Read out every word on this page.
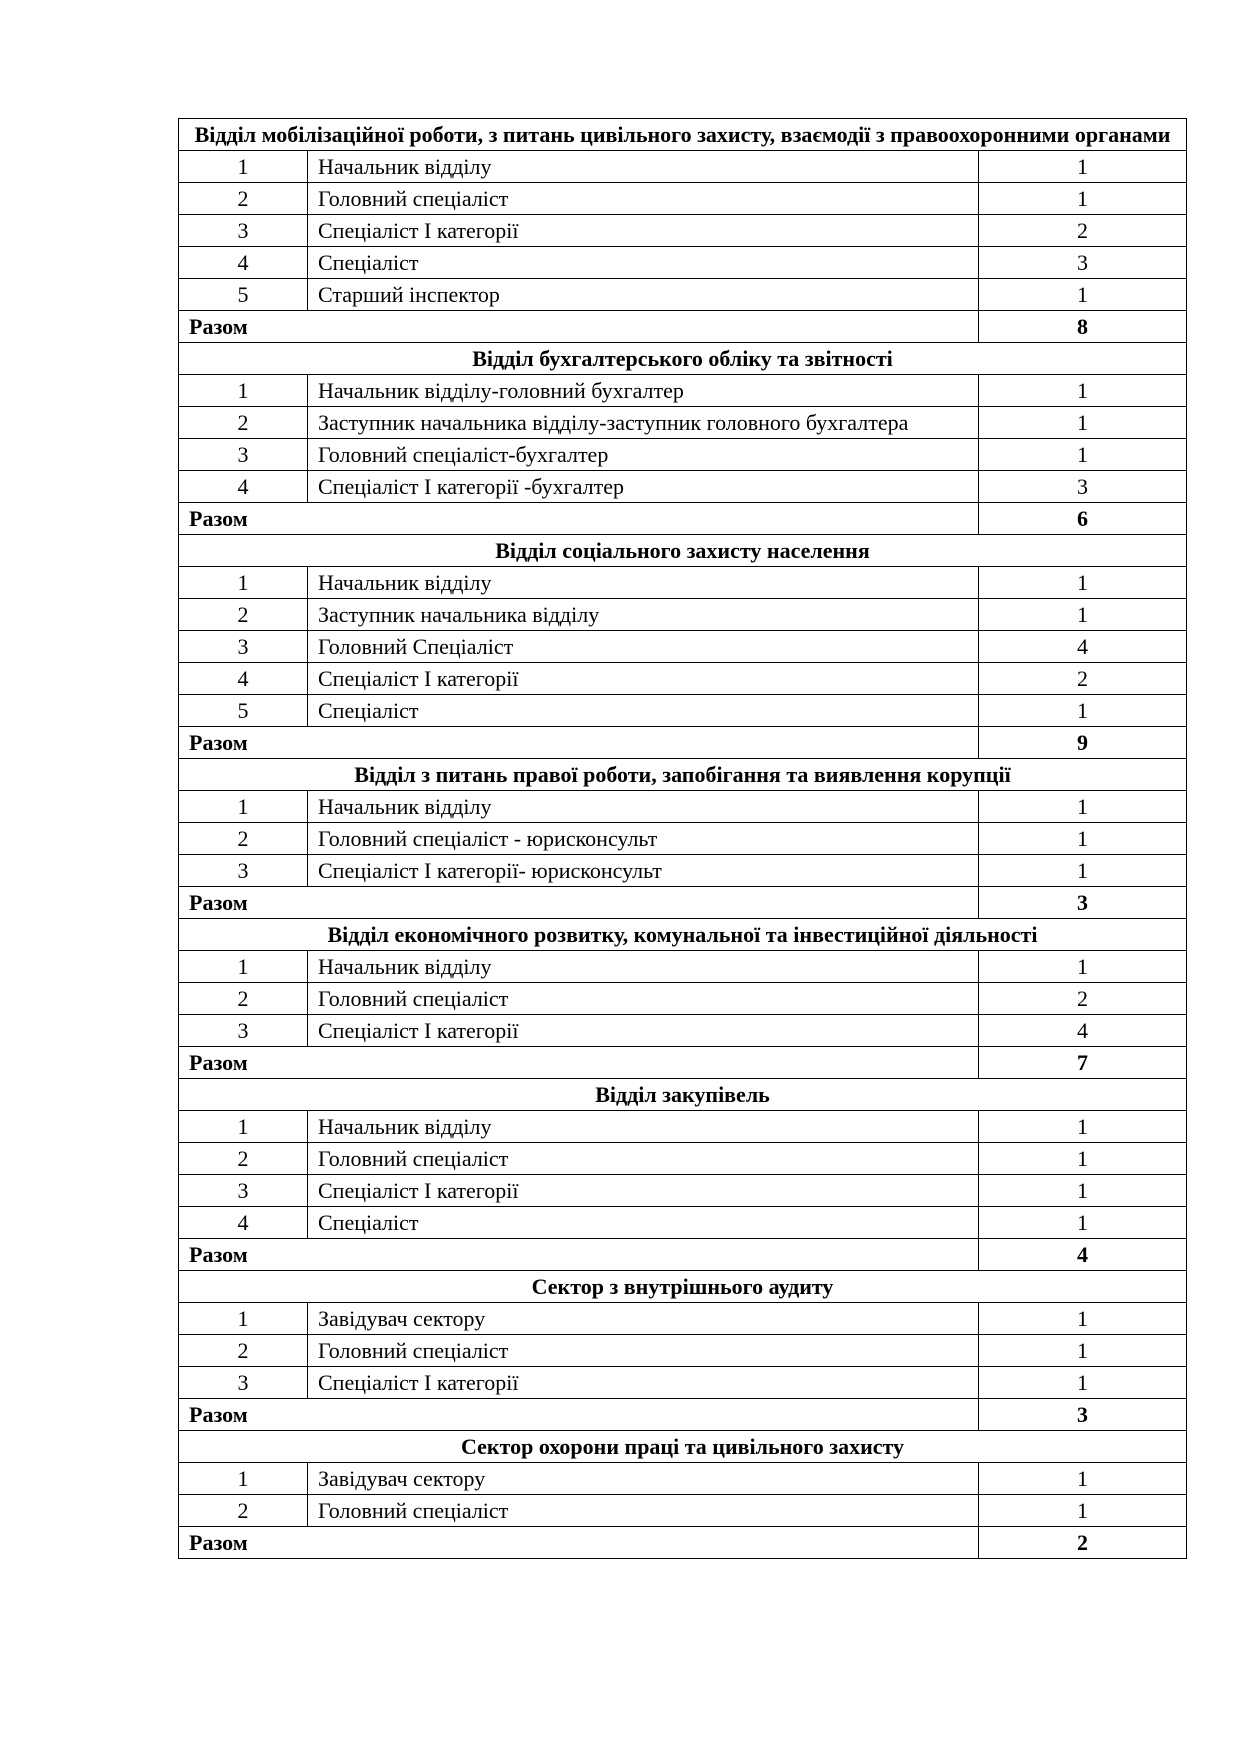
Відділ мобілізаційної роботи, з питань цивільного захисту, взаємодії з правоохоронними органами		
1	Начальник відділу	1
2	Головний спеціаліст	1
3	Спеціаліст І категорії	2
4	Спеціаліст	3
5	Старший інспектор	1
Разом		8
Відділ бухгалтерського обліку та звітності		
1	Начальник відділу-головний бухгалтер	1
2	Заступник начальника відділу-заступник головного бухгалтера	1
3	Головний спеціаліст-бухгалтер	1
4	Спеціаліст І категорії -бухгалтер	3
Разом		6
Відділ соціального захисту населення		
1	Начальник відділу	1
2	Заступник начальника відділу	1
3	Головний Спеціаліст	4
4	Спеціаліст І категорії	2
5	Спеціаліст	1
Разом		9
Відділ з питань правої роботи, запобігання та виявлення корупції		
1	Начальник відділу	1
2	Головний спеціаліст - юрисконсульт	1
3	Спеціаліст І категорії- юрисконсульт	1
Разом		3
Відділ економічного розвитку, комунальної та інвестиційної діяльності		
1	Начальник відділу	1
2	Головний спеціаліст	2
3	Спеціаліст І категорії	4
Разом		7
Відділ закупівель		
1	Начальник відділу	1
2	Головний спеціаліст	1
3	Спеціаліст І категорії	1
4	Спеціаліст	1
Разом		4
Сектор з внутрішнього аудиту		
1	Завідувач сектору	1
2	Головний спеціаліст	1
3	Спеціаліст І категорії	1
Разом		3
Сектор охорони праці та цивільного захисту		
1	Завідувач сектору	1
2	Головний спеціаліст	1
Разом		2
